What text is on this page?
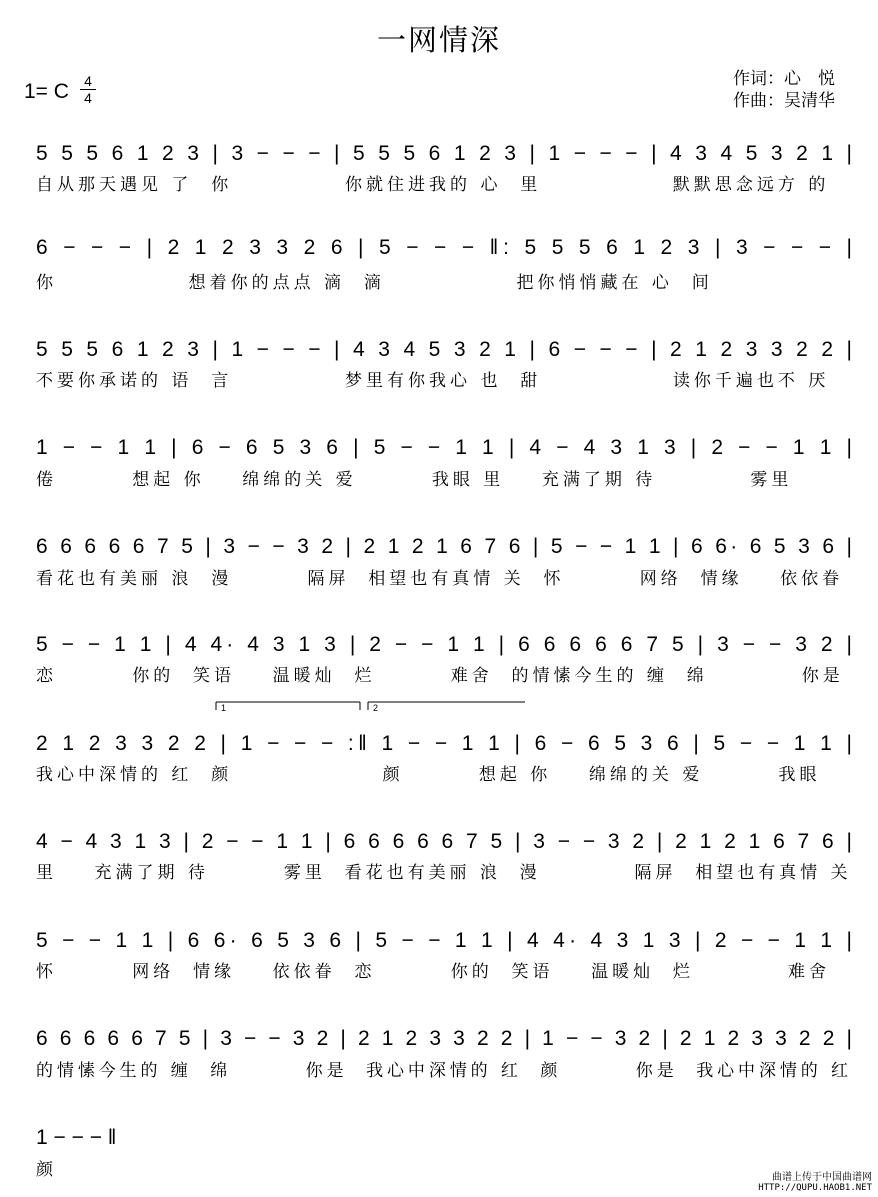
一网情深
1= C 4
4
作词：心　悦
作曲：吴清华
5 5 5 6 1 2 3 | 3 − − − | 5 5 5 6 1 2 3 | 1 − − − | 4 3 4 5 3 2 1 |
6 − − − | 2 1 2 3 3 2 6 | 5 − − − ‖: 5 5 5 6 1 2 3 | 3 − − − |
5 5 5 6 1 2 3 | 1 − − − | 4 3 4 5 3 2 1 | 6 − − − | 2 1 2 3 3 2 2 |
1 − − 1 1 | 6 − 6 5 3 6 | 5 − − 1 1 | 4 − 4 3 1 3 | 2 − − 1 1 |
6 6 6 6 6 7 5 | 3 − − 3 2 | 2 1 2 1 6 7 6 | 5 − − 1 1 | 6 6· 6 5 3 6 |
5 − − 1 1 | 4 4· 4 3 1 3 | 2 − − 1 1 | 6 6 6 6 6 7 5 | 3 − − 3 2 |
2 1 2 3 3 2 2 | 1 − − − :‖ 1 − − 1 1 | 6 − 6 5 3 6 | 5 − − 1 1 |
4 − 4 3 1 3 | 2 − − 1 1 | 6 6 6 6 6 7 5 | 3 − − 3 2 | 2 1 2 1 6 7 6 |
5 − − 1 1 | 6 6· 6 5 3 6 | 5 − − 1 1 | 4 4· 4 3 1 3 | 2 − − 1 1 |
6 6 6 6 6 7 5 | 3 − − 3 2 | 2 1 2 3 3 2 2 | 1 − − 3 2 | 2 1 2 3 3 2 2 |
1 − − − ‖
1	2
自从那天遇见 了  你            你就住进我的 心  里              默默思念远方 的
你              想着你的点点 滴  滴              把你悄悄藏在 心  间
不要你承诺的 语  言            梦里有你我心 也  甜              读你千遍也不 厌
倦        想起 你    绵绵的关 爱        我眼 里    充满了期 待          雾里
看花也有美丽 浪  漫        隔屏  相望也有真情 关  怀        网络  情缘    依依眷
恋        你的  笑语    温暖灿  烂        难舍  的情愫今生的 缠  绵          你是
我心中深情的 红  颜                颜        想起 你    绵绵的关 爱        我眼
里    充满了期 待        雾里  看花也有美丽 浪  漫          隔屏  相望也有真情 关
怀        网络  情缘    依依眷  恋        你的  笑语    温暖灿  烂          难舍
的情愫今生的 缠  绵        你是  我心中深情的 红  颜        你是  我心中深情的 红
颜	曲谱上传于中国曲谱网
HTTP://QUPU.HAOB1.NET
